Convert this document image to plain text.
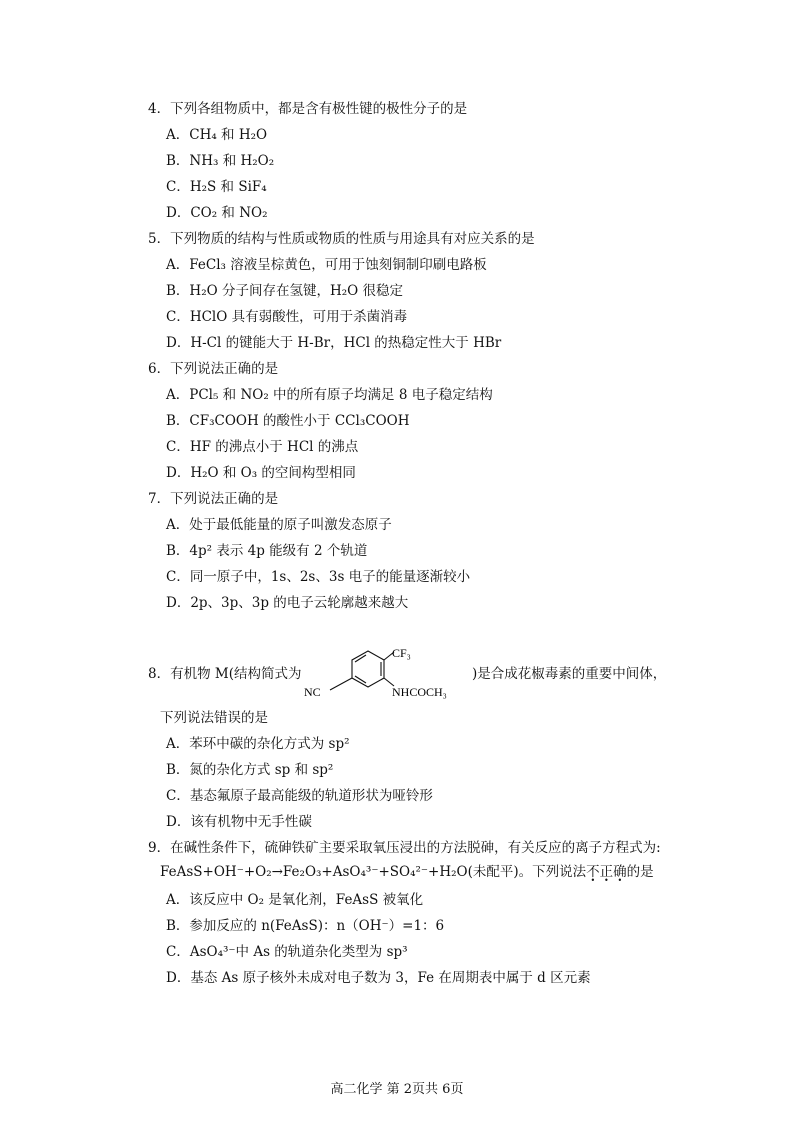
4．下列各组物质中，都是含有极性键的极性分子的是
A．CH₄ 和 H₂O
B．NH₃ 和 H₂O₂
C．H₂S 和 SiF₄
D．CO₂ 和 NO₂
5．下列物质的结构与性质或物质的性质与用途具有对应关系的是
A．FeCl₃ 溶液呈棕黄色，可用于蚀刻铜制印刷电路板
B．H₂O 分子间存在氢键，H₂O 很稳定
C．HClO 具有弱酸性，可用于杀菌消毒
D．H-Cl 的键能大于 H-Br，HCl 的热稳定性大于 HBr
6．下列说法正确的是
A．PCl₅ 和 NO₂ 中的所有原子均满足 8 电子稳定结构
B．CF₃COOH 的酸性小于 CCl₃COOH
C．HF 的沸点小于 HCl 的沸点
D．H₂O 和 O₃ 的空间构型相同
7．下列说法正确的是
A．处于最低能量的原子叫激发态原子
B．4p² 表示 4p 能级有 2 个轨道
C．同一原子中，1s、2s、3s 电子的能量逐渐较小
D．2p、3p、3p 的电子云轮廓越来越大
8．有机物 M(结构简式为
CF₃
NC	NHCOCH₃
)是合成花椒毒素的重要中间体，
下列说法错误的是
A．苯环中碳的杂化方式为 sp²
B．氮的杂化方式 sp 和 sp²
C．基态氟原子最高能级的轨道形状为哑铃形
D．该有机物中无手性碳
9．在碱性条件下，硫砷铁矿主要采取氧压浸出的方法脱砷，有关反应的离子方程式为:
FeAsS+OH⁻+O₂→Fe₂O₃+AsO₄³⁻+SO₄²⁻+H₂O(未配平)。下列说法不正确的是
A．该反应中 O₂ 是氧化剂，FeAsS 被氧化
B．参加反应的 n(FeAsS)：n（OH⁻）=1：6
C．AsO₄³⁻中 As 的轨道杂化类型为 sp³
D．基态 As 原子核外未成对电子数为 3，Fe 在周期表中属于 d 区元素
高二化学 第 2页共 6页
